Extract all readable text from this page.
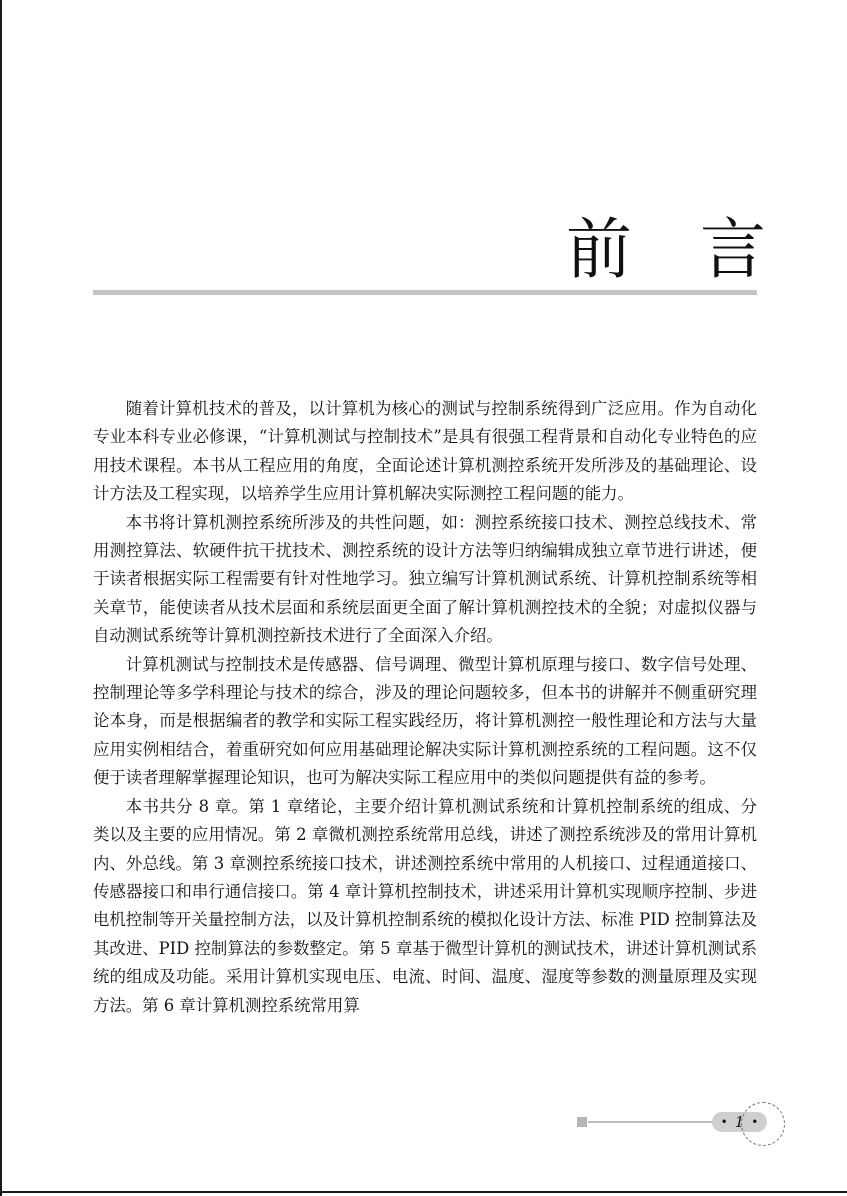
前 言

随着计算机技术的普及，以计算机为核心的测试与控制系统得到广泛应用。作为自动化专业本科专业必修课，“计算机测试与控制技术”是具有很强工程背景和自动化专业特色的应用技术课程。本书从工程应用的角度，全面论述计算机测控系统开发所涉及的基础理论、设计方法及工程实现，以培养学生应用计算机解决实际测控工程问题的能力。

本书将计算机测控系统所涉及的共性问题，如：测控系统接口技术、测控总线技术、常用测控算法、软硬件抗干扰技术、测控系统的设计方法等归纳编辑成独立章节进行讲述，便于读者根据实际工程需要有针对性地学习。独立编写计算机测试系统、计算机控制系统等相关章节，能使读者从技术层面和系统层面更全面了解计算机测控技术的全貌；对虚拟仪器与自动测试系统等计算机测控新技术进行了全面深入介绍。

计算机测试与控制技术是传感器、信号调理、微型计算机原理与接口、数字信号处理、控制理论等多学科理论与技术的综合，涉及的理论问题较多，但本书的讲解并不侧重研究理论本身，而是根据编者的教学和实际工程实践经历，将计算机测控一般性理论和方法与大量应用实例相结合，着重研究如何应用基础理论解决实际计算机测控系统的工程问题。这不仅便于读者理解掌握理论知识，也可为解决实际工程应用中的类似问题提供有益的参考。

本书共分 8 章。第 1 章绪论，主要介绍计算机测试系统和计算机控制系统的组成、分类以及主要的应用情况。第 2 章微机测控系统常用总线，讲述了测控系统涉及的常用计算机内、外总线。第 3 章测控系统接口技术，讲述测控系统中常用的人机接口、过程通道接口、传感器接口和串行通信接口。第 4 章计算机控制技术，讲述采用计算机实现顺序控制、步进电机控制等开关量控制方法，以及计算机控制系统的模拟化设计方法、标准 PID 控制算法及其改进、PID 控制算法的参数整定。第 5 章基于微型计算机的测试技术，讲述计算机测试系统的组成及功能。采用计算机实现电压、电流、时间、温度、湿度等参数的测量原理及实现方法。第 6 章计算机测控系统常用算

• 1 •
